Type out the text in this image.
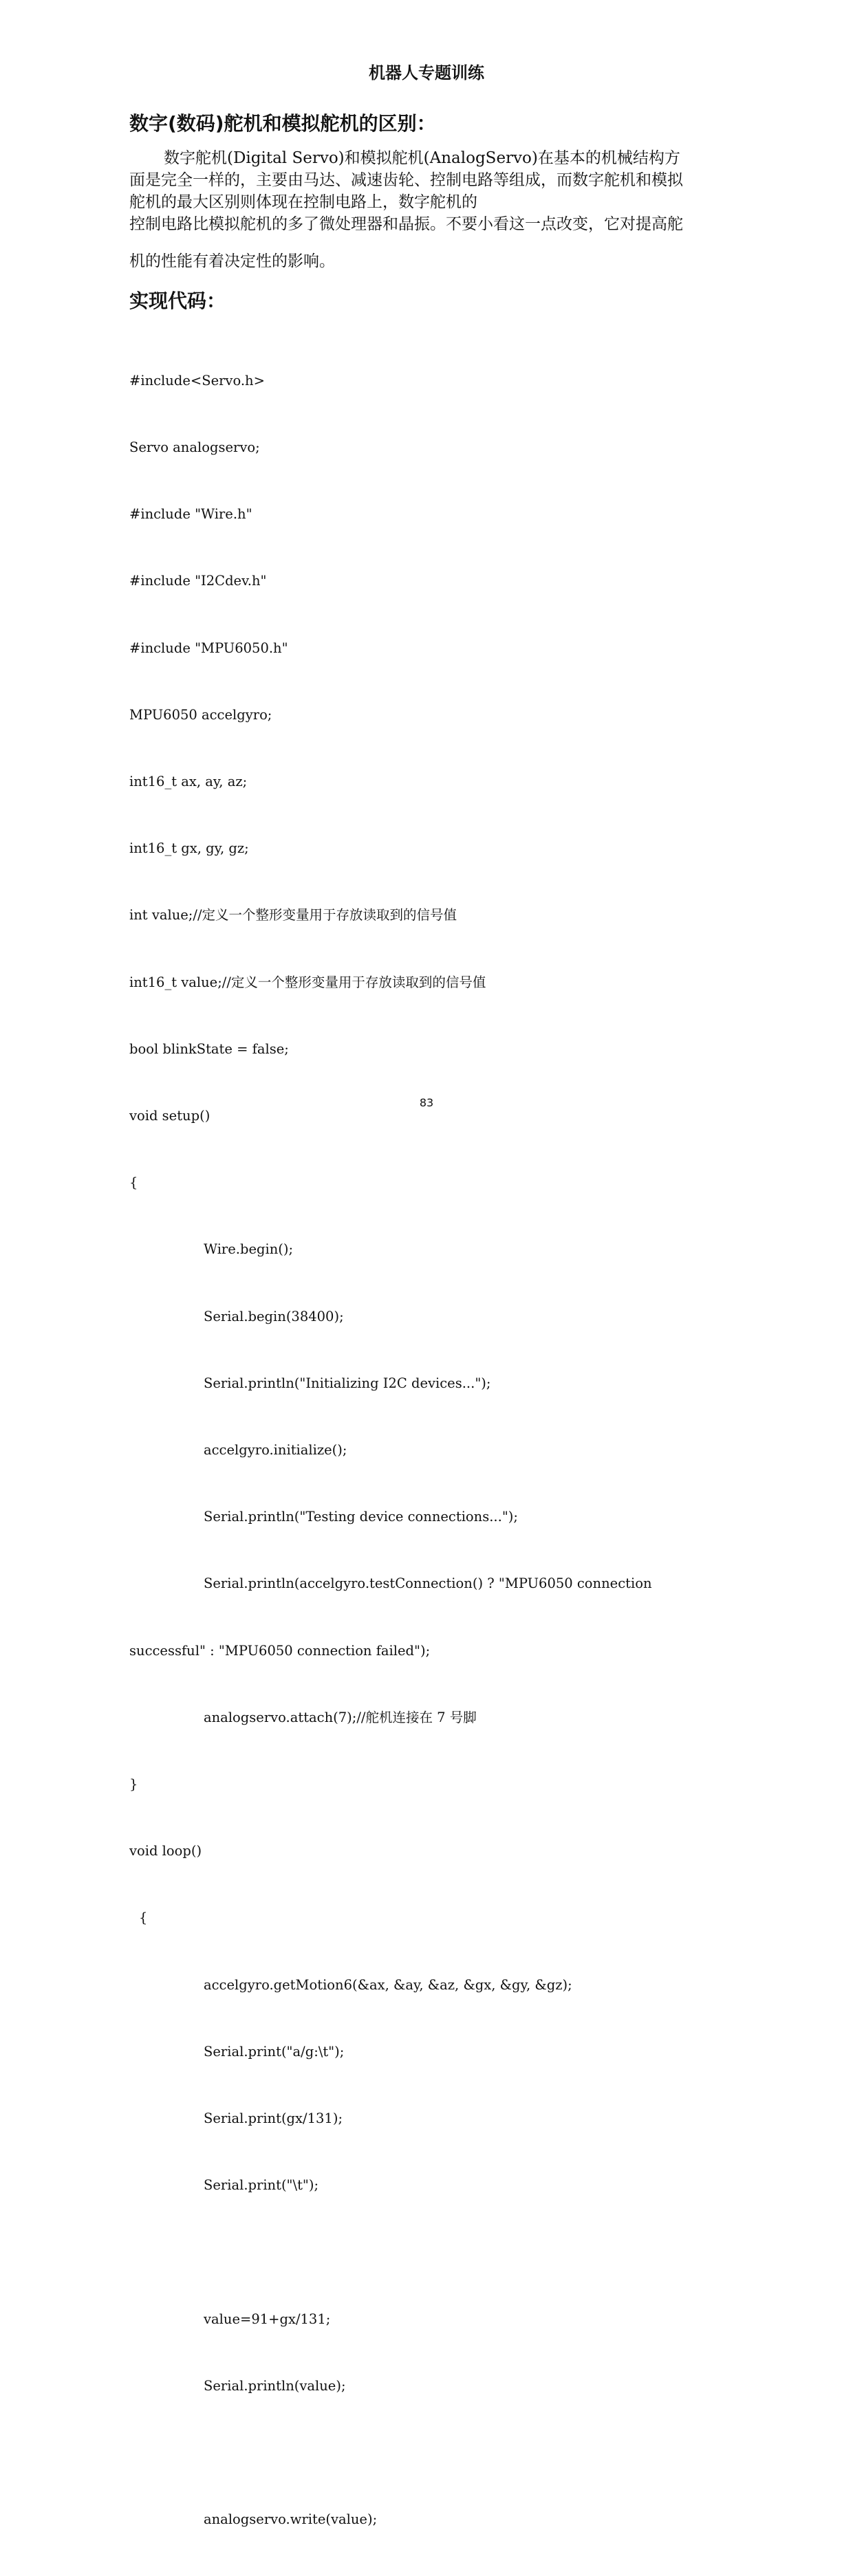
机器人专题训练
数字(数码)舵机和模拟舵机的区别：
数字舵机(Digital Servo)和模拟舵机(AnalogServo)在基本的机械结构方
面是完全一样的，主要由马达、减速齿轮、控制电路等组成，而数字舵机和模拟
舵机的最大区别则体现在控制电路上，数字舵机的
控制电路比模拟舵机的多了微处理器和晶振。不要小看这一点改变，它对提高舵
机的性能有着决定性的影响。
实现代码：

#include<Servo.h>

Servo analogservo;

#include "Wire.h"

#include "I2Cdev.h"

#include "MPU6050.h"

MPU6050 accelgyro;

int16_t ax, ay, az;

int16_t gx, gy, gz;

int value;//定义一个整形变量用于存放读取到的信号值

int16_t value;//定义一个整形变量用于存放读取到的信号值

bool blinkState = false;

void setup()

{

Wire.begin();

Serial.begin(38400);

Serial.println("Initializing I2C devices...");

accelgyro.initialize();

Serial.println("Testing device connections...");

Serial.println(accelgyro.testConnection() ? "MPU6050 connection

successful" : "MPU6050 connection failed");

analogservo.attach(7);//舵机连接在 7 号脚

}

void loop()

{

accelgyro.getMotion6(&ax, &ay, &az, &gx, &gy, &gz);

Serial.print("a/g:\t");

Serial.print(gx/131);

Serial.print("\t");

value=91+gx/131;

Serial.println(value);

analogservo.write(value);

83
